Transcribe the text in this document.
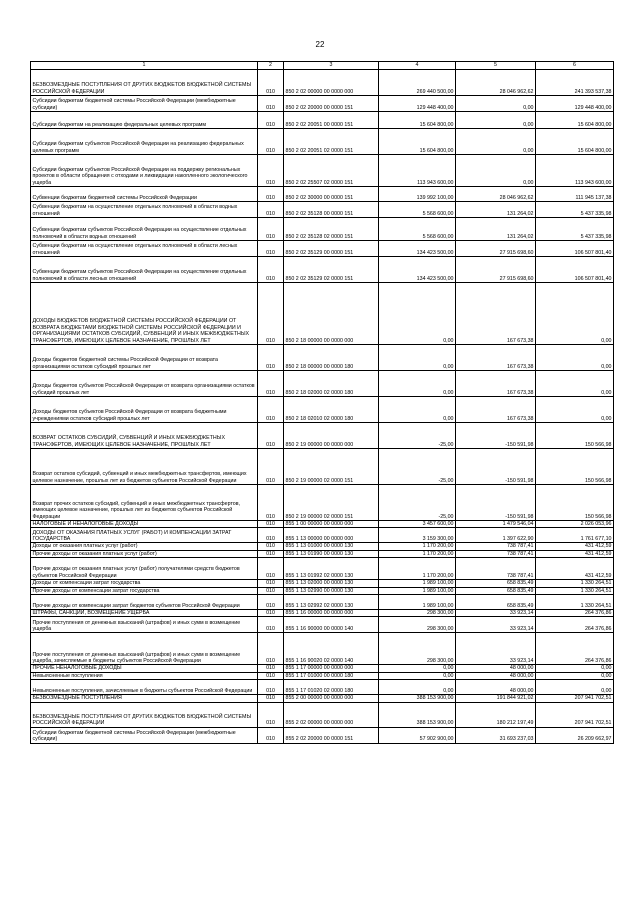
22
1	2	3	4	5	6
БЕЗВОЗМЕЗДНЫЕ ПОСТУПЛЕНИЯ ОТ ДРУГИХ БЮДЖЕТОВ БЮДЖЕТНОЙ СИСТЕМЫ РОССИЙСКОЙ ФЕДЕРАЦИИ	010	850 2 02 00000 00 0000 000	269 440 500,00	28 046 962,62	241 393 537,38
Субсидии бюджетам бюджетной системы Российской Федерации (межбюджетные субсидии)	010	850 2 02 20000 00 0000 151	129 448 400,00	0,00	129 448 400,00
Субсидии бюджетам на реализацию федеральных целевых программ	010	850 2 02 20051 00 0000 151	15 604 800,00	0,00	15 604 800,00
Субсидии бюджетам субъектов Российской Федерации на реализацию федеральных целевых программ	010	850 2 02 20051 02 0000 151	15 604 800,00	0,00	15 604 800,00
Субсидии бюджетам субъектов Российской Федерации на поддержку региональных проектов в области обращения с отходами и ликвидации накопленного экологического ущерба	010	850 2 02 25507 02 0000 151	113 943 600,00	0,00	113 943 600,00
Субвенции бюджетам бюджетной системы Российской Федерации	010	850 2 02 30000 00 0000 151	139 992 100,00	28 046 962,62	111 945 137,38
Субвенции бюджетам на осуществление отдельных полномочий в области водных отношений	010	850 2 02 35128 00 0000 151	5 568 600,00	131 264,02	5 437 335,98
Субвенции бюджетам субъектов Российской Федерации на осуществление отдельных полномочий в области водных отношений	010	850 2 02 35128 02 0000 151	5 568 600,00	131 264,02	5 437 335,98
Субвенции бюджетам на осуществление отдельных полномочий в области лесных отношений	010	850 2 02 35129 00 0000 151	134 423 500,00	27 915 698,60	106 507 801,40
Субвенции бюджетам субъектов Российской Федерации на осуществление отдельных полномочий в области лесных отношений	010	850 2 02 35129 02 0000 151	134 423 500,00	27 915 698,60	106 507 801,40
ДОХОДЫ БЮДЖЕТОВ БЮДЖЕТНОЙ СИСТЕМЫ РОССИЙСКОЙ ФЕДЕРАЦИИ ОТ ВОЗВРАТА БЮДЖЕТАМИ БЮДЖЕТНОЙ СИСТЕМЫ РОССИЙСКОЙ ФЕДЕРАЦИИ И ОРГАНИЗАЦИЯМИ ОСТАТКОВ СУБСИДИЙ, СУБВЕНЦИЙ И ИНЫХ МЕЖБЮДЖЕТНЫХ ТРАНСФЕРТОВ, ИМЕЮЩИХ ЦЕЛЕВОЕ НАЗНАЧЕНИЕ, ПРОШЛЫХ ЛЕТ	010	850 2 18 00000 00 0000 000	0,00	167 673,38	0,00
Доходы бюджетов бюджетной системы Российской Федерации от возврата организациями остатков субсидий прошлых лет	010	850 2 18 00000 00 0000 180	0,00	167 673,38	0,00
Доходы бюджетов субъектов Российской Федерации от возврата организациями остатков субсидий прошлых лет	010	850 2 18 02000 02 0000 180	0,00	167 673,38	0,00
Доходы бюджетов субъектов Российской Федерации от возврата бюджетными учреждениями остатков субсидий прошлых лет	010	850 2 18 02010 02 0000 180	0,00	167 673,38	0,00
ВОЗВРАТ ОСТАТКОВ СУБСИДИЙ, СУБВЕНЦИЙ И ИНЫХ МЕЖБЮДЖЕТНЫХ ТРАНСФЕРТОВ, ИМЕЮЩИХ ЦЕЛЕВОЕ НАЗНАЧЕНИЕ, ПРОШЛЫХ ЛЕТ	010	850 2 19 00000 00 0000 000	-25,00	-150 591,98	150 566,98
Возврат остатков субсидий, субвенций и иных межбюджетных трансфертов, имеющих целевое назначение, прошлых лет из бюджетов субъектов Российской Федерации	010	850 2 19 00000 02 0000 151	-25,00	-150 591,98	150 566,98
Возврат прочих остатков субсидий, субвенций и иных межбюджетных трансфертов, имеющих целевое назначение, прошлых лет из бюджетов субъектов Российской Федерации	010	850 2 19 00000 02 0000 151	-25,00	-150 591,98	150 566,98
НАЛОГОВЫЕ И НЕНАЛОГОВЫЕ ДОХОДЫ	010	855 1 00 00000 00 0000 000	3 457 600,00	1 479 546,04	2 026 053,96
ДОХОДЫ ОТ ОКАЗАНИЯ ПЛАТНЫХ УСЛУГ (РАБОТ) И КОМПЕНСАЦИИ ЗАТРАТ ГОСУДАРСТВА	010	855 1 13 00000 00 0000 000	3 159 300,00	1 397 622,90	1 761 677,10
Доходы от оказания платных услуг (работ)	010	855 1 13 01000 00 0000 130	1 170 200,00	738 787,41	431 412,59
Прочие доходы от оказания платных услуг (работ)	010	855 1 13 01990 00 0000 130	1 170 200,00	738 787,41	431 412,59
Прочие доходы от оказания платных услуг (работ) получателями средств бюджетов субъектов Российской Федерации	010	855 1 13 01992 02 0000 130	1 170 200,00	738 787,41	431 412,59
Доходы от компенсации затрат государства	010	855 1 13 02000 00 0000 130	1 989 100,00	658 835,49	1 330 264,51
Прочие доходы от компенсации затрат государства	010	855 1 13 02990 00 0000 130	1 989 100,00	658 835,49	1 330 264,51
Прочие доходы от компенсации затрат бюджетов субъектов Российской Федерации	010	855 1 13 02992 02 0000 130	1 989 100,00	658 835,49	1 330 264,51
ШТРАФЫ, САНКЦИИ, ВОЗМЕЩЕНИЕ УЩЕРБА	010	855 1 16 00000 00 0000 000	298 300,00	33 923,14	264 376,86
Прочие поступления от денежных взысканий (штрафов) и иных сумм в возмещение ущерба	010	855 1 16 90000 00 0000 140	298 300,00	33 923,14	264 376,86
Прочие поступления от денежных взысканий (штрафов) и иных сумм в возмещение ущерба, зачисляемые в бюджеты субъектов Российской Федерации	010	855 1 16 90020 02 0000 140	298 300,00	33 923,14	264 376,86
ПРОЧИЕ НЕНАЛОГОВЫЕ ДОХОДЫ	010	855 1 17 00000 00 0000 000	0,00	48 000,00	0,00
Невыясненные поступления	010	855 1 17 01000 00 0000 180	0,00	48 000,00	0,00
Невыясненные поступления, зачисляемые в бюджеты субъектов Российской Федерации	010	855 1 17 01020 02 0000 180	0,00	48 000,00	0,00
БЕЗВОЗМЕЗДНЫЕ ПОСТУПЛЕНИЯ	010	855 2 00 00000 00 0000 000	388 153 900,00	191 844 921,02	207 941 702,51
БЕЗВОЗМЕЗДНЫЕ ПОСТУПЛЕНИЯ ОТ ДРУГИХ БЮДЖЕТОВ БЮДЖЕТНОЙ СИСТЕМЫ РОССИЙСКОЙ ФЕДЕРАЦИИ	010	855 2 02 00000 00 0000 000	388 153 900,00	180 212 197,49	207 941 702,51
Субсидии бюджетам бюджетной системы Российской Федерации (межбюджетные субсидии)	010	855 2 02 20000 00 0000 151	57 902 900,00	31 693 237,03	26 209 662,97
